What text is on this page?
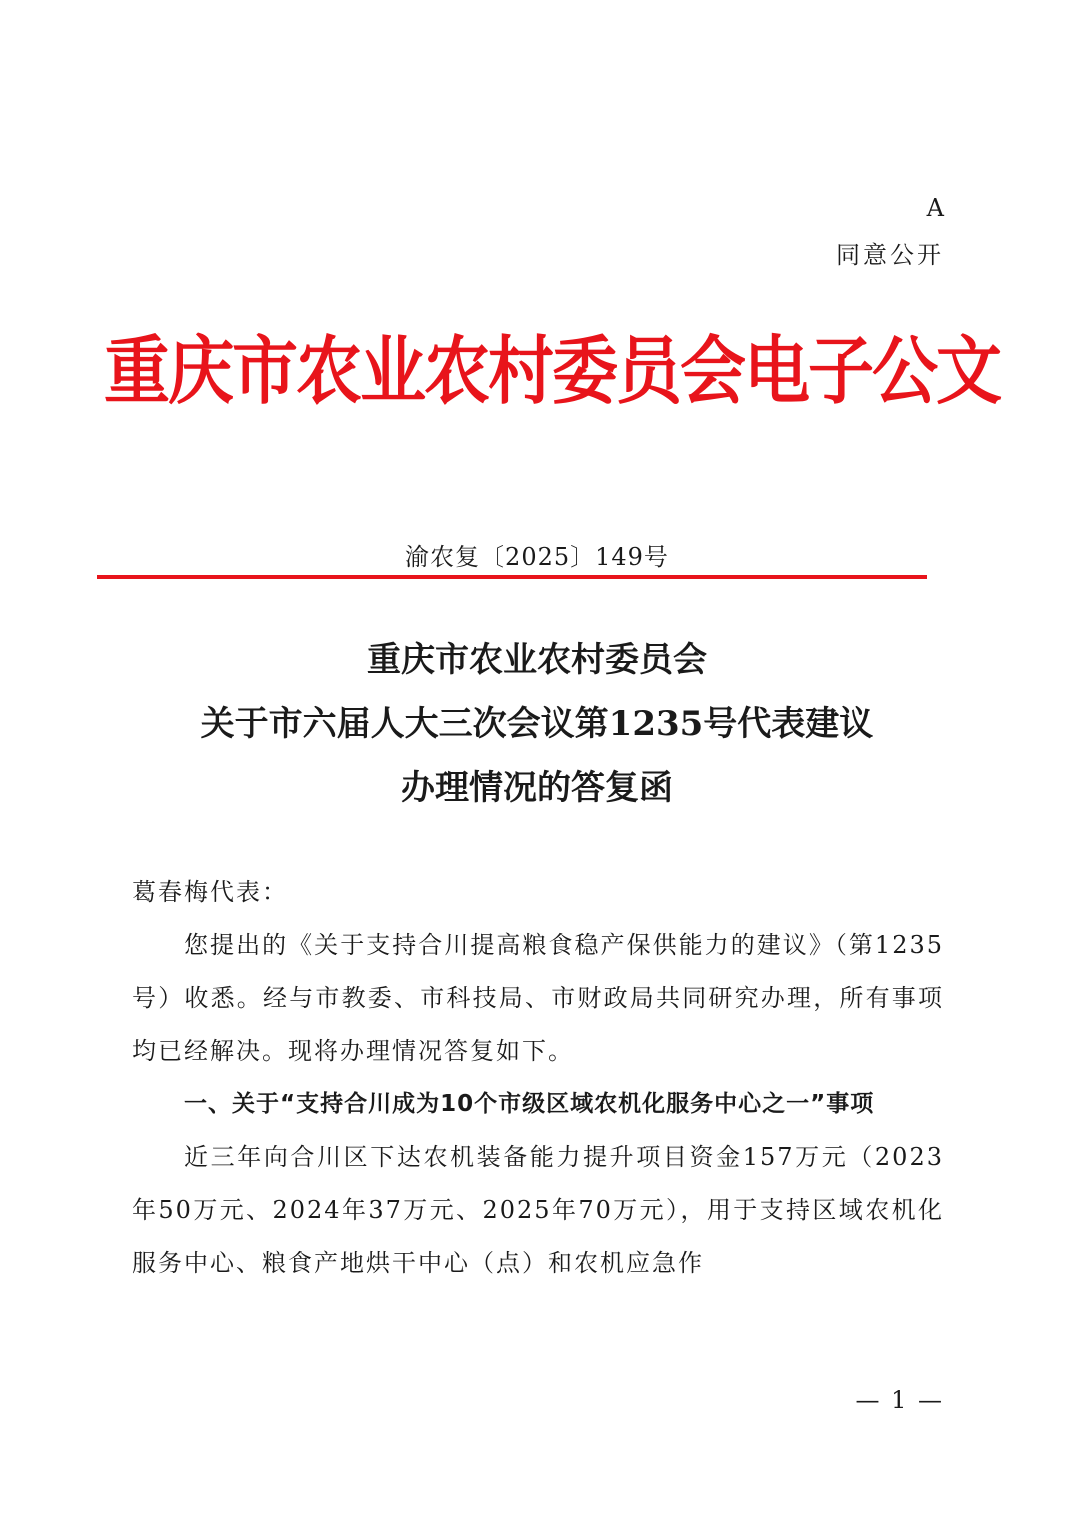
A
同意公开
重庆市农业农村委员会电子公文
渝农复〔2025〕149号
重庆市农业农村委员会
关于市六届人大三次会议第1235号代表建议
办理情况的答复函

葛春梅代表：

您提出的《关于支持合川提高粮食稳产保供能力的建议》（第1235号）收悉。经与市教委、市科技局、市财政局共同研究办理，所有事项均已经解决。现将办理情况答复如下。

一、关于“支持合川成为10个市级区域农机化服务中心之一”事项

近三年向合川区下达农机装备能力提升项目资金157万元（2023年50万元、2024年37万元、2025年70万元），用于支持区域农机化服务中心、粮食产地烘干中心（点）和农机应急作

— 1 —
